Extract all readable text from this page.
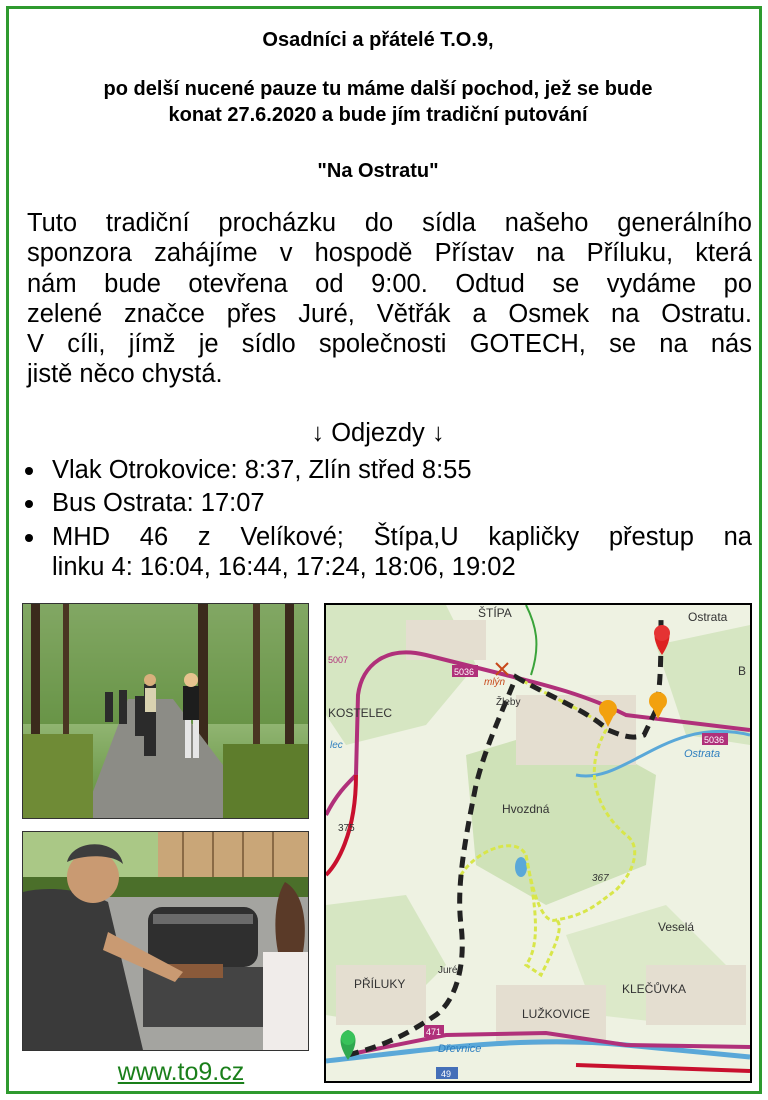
Osadníci a přátelé T.O.9,
po delší nucené pauze tu máme další pochod, jež se bude
konat 27.6.2020 a bude jím tradiční putování
"Na Ostratu"
Tuto tradiční procházku do sídla našeho generálního
sponzora zahájíme v hospodě Přístav na Příluku, která
nám bude otevřena od 9:00. Odtud se vydáme po
zelené značce přes Juré, Větřák a Osmek na Ostratu.
V cíli, jímž je sídlo společnosti GOTECH, se na nás
jistě něco chystá.
↓ Odjezdy ↓
Vlak Otrokovice: 8:37, Zlín střed 8:55
Bus Ostrata: 17:07
MHD 46 z Velíkové; Štípa,U kapličky přestup na
linku 4: 16:04, 16:44, 17:24, 18:06, 19:02
ŠTÍPA	Ostrata
KOSTELEC
Žleby
mlýn
Hvozdná
Ostrata
Veselá
PŘÍLUKY
Juré
KLEČŮVKA
LUŽKOVICE
Dřevnice
5036
5036
5007
471
49
375
367
B
lec
www.to9.cz
